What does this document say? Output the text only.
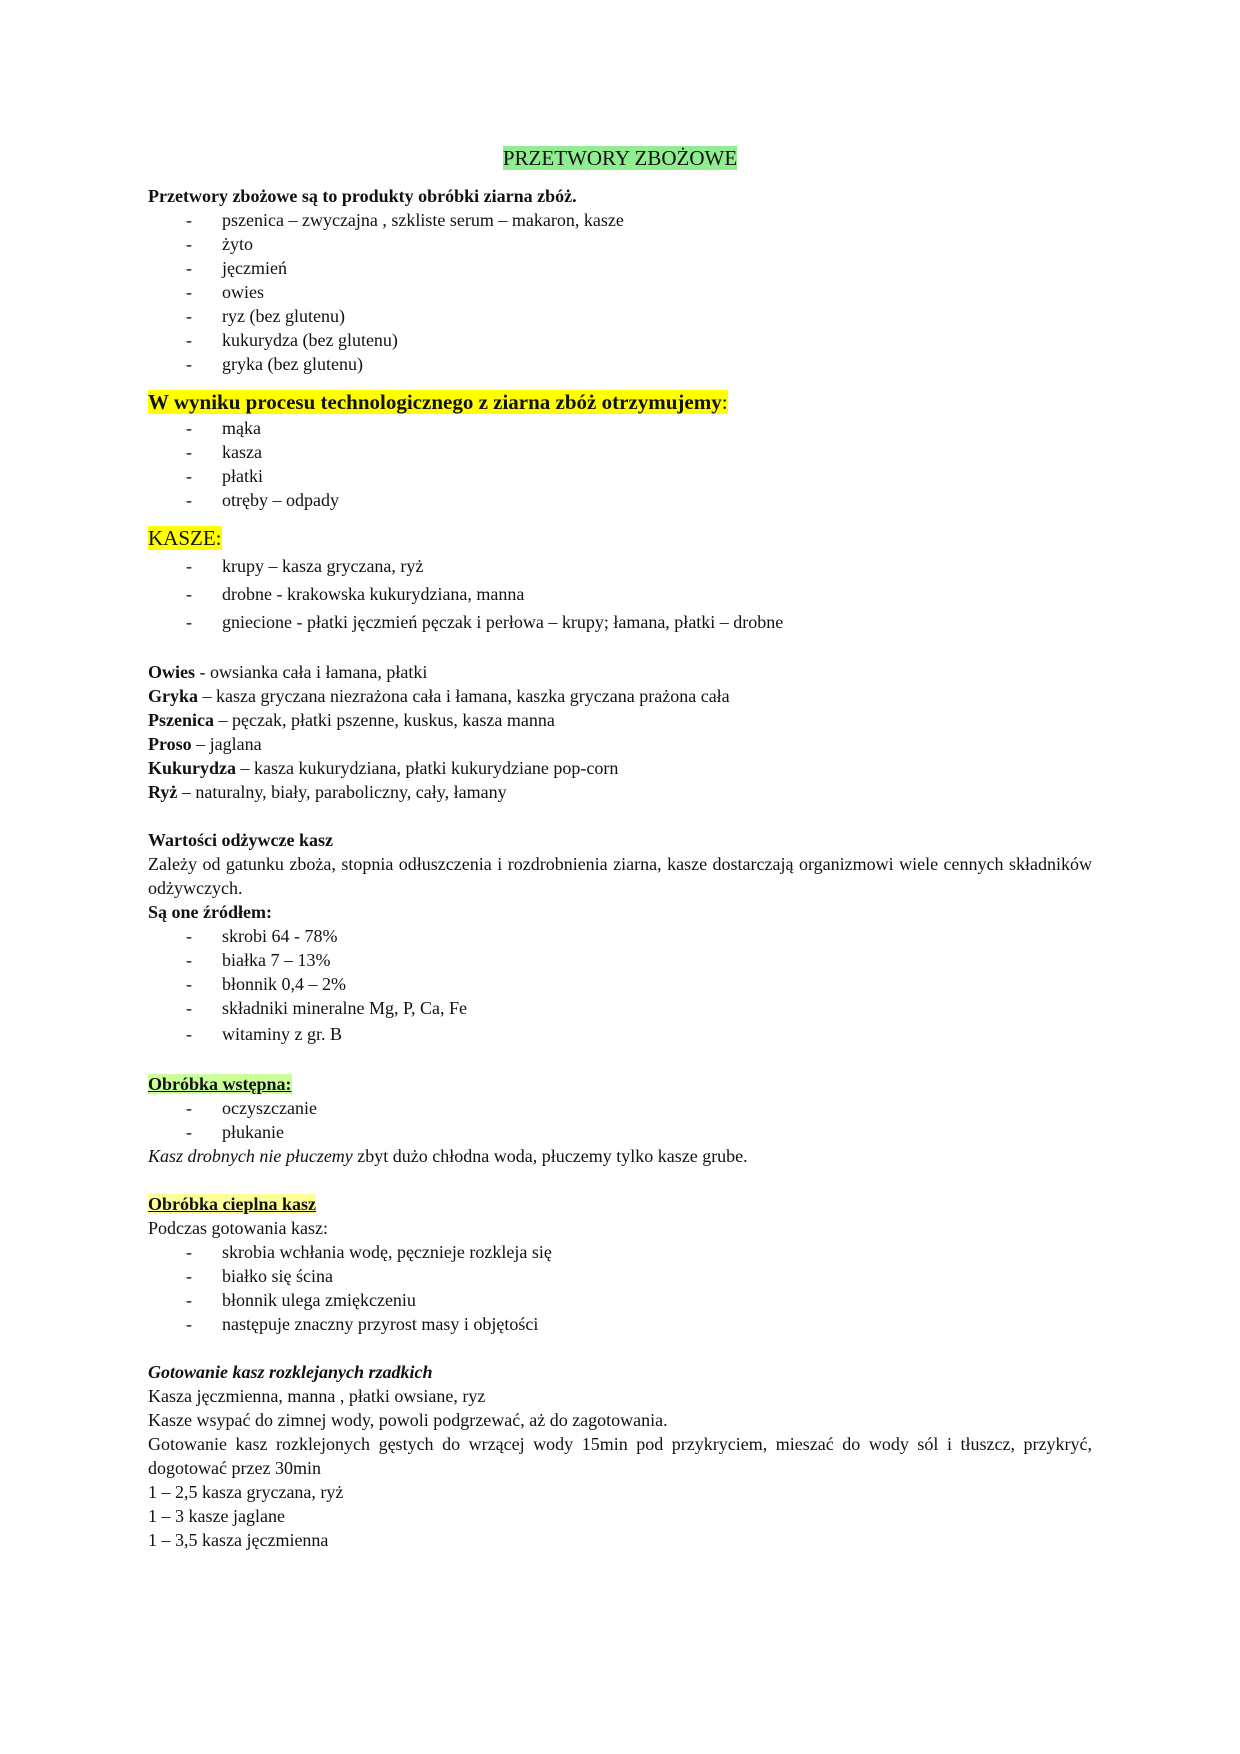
PRZETWORY ZBOŻOWE

Przetwory zbożowe są to produkty obróbki ziarna zbóż.

- pszenica – zwyczajna , szkliste serum – makaron, kasze
- żyto
- jęczmień
- owies
- ryz (bez glutenu)
- kukurydza (bez glutenu)
- gryka (bez glutenu)

W wyniku procesu technologicznego z ziarna zbóż otrzymujemy:

- mąka
- kasza
- płatki
- otręby – odpady

KASZE:

- krupy – kasza gryczana, ryż
- drobne - krakowska kukurydziana, manna
- gniecione - płatki jęczmień pęczak i perłowa – krupy; łamana, płatki – drobne

Owies - owsianka cała i łamana, płatki

Gryka – kasza gryczana niezrażona cała i łamana, kaszka gryczana prażona cała

Pszenica – pęczak, płatki pszenne, kuskus, kasza manna

Proso – jaglana

Kukurydza – kasza kukurydziana, płatki kukurydziane pop-corn

Ryż – naturalny, biały, paraboliczny, cały, łamany

Wartości odżywcze kasz

Zależy od gatunku zboża, stopnia odłuszczenia i rozdrobnienia ziarna, kasze dostarczają organizmowi wiele cennych składników odżywczych.

Są one źródłem:

- skrobi 64 - 78%
- białka 7 – 13%
- błonnik 0,4 – 2%
- składniki mineralne Mg, P, Ca, Fe
- witaminy z gr. B

Obróbka wstępna:

- oczyszczanie
- płukanie

Kasz drobnych nie płuczemy zbyt dużo chłodna woda, płuczemy tylko kasze grube.

Obróbka cieplna kasz

Podczas gotowania kasz:

- skrobia wchłania wodę, pęcznieje rozkleja się
- białko się ścina
- błonnik ulega zmiękczeniu
- następuje znaczny przyrost masy i objętości

Gotowanie kasz rozklejanych rzadkich

Kasza jęczmienna, manna , płatki owsiane, ryz

Kasze wsypać do zimnej wody, powoli podgrzewać, aż do zagotowania.

Gotowanie kasz rozklejonych gęstych do wrzącej wody 15min pod przykryciem, mieszać do wody sól i tłuszcz, przykryć, dogotować przez 30min

1 – 2,5 kasza gryczana, ryż

1 – 3 kasze jaglane

1 – 3,5 kasza jęczmienna
